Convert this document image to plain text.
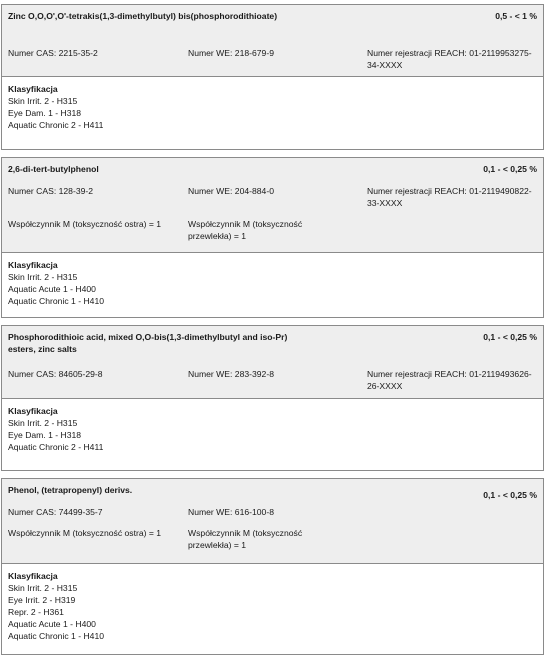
Zinc O,O,O',O'-tetrakis(1,3-dimethylbutyl) bis(phosphorodithioate)	0,5 - < 1 %
Numer CAS: 2215-35-2	Numer WE: 218-679-9	Numer rejestracji REACH: 01-2119953275-34-XXXX
Klasyfikacja
Skin Irrit. 2 - H315
Eye Dam. 1 - H318
Aquatic Chronic 2 - H411
2,6-di-tert-butylphenol	0,1 - < 0,25 %
Numer CAS: 128-39-2	Numer WE: 204-884-0	Numer rejestracji REACH: 01-2119490822-33-XXXX
Współczynnik M (toksyczność ostra) = 1	Współczynnik M (toksyczność przewlekła) = 1
Klasyfikacja
Skin Irrit. 2 - H315
Aquatic Acute 1 - H400
Aquatic Chronic 1 - H410
Phosphorodithioic acid, mixed O,O-bis(1,3-dimethylbutyl and iso-Pr) esters, zinc salts
0,1 - < 0,25 %
Numer CAS: 84605-29-8	Numer WE: 283-392-8	Numer rejestracji REACH: 01-2119493626-26-XXXX
Klasyfikacja
Skin Irrit. 2 - H315
Eye Dam. 1 - H318
Aquatic Chronic 2 - H411
Phenol, (tetrapropenyl) derivs.	0,1 - < 0,25 %
Numer CAS: 74499-35-7	Numer WE: 616-100-8
Współczynnik M (toksyczność ostra) = 1	Współczynnik M (toksyczność przewlekła) = 1
Klasyfikacja
Skin Irrit. 2 - H315
Eye Irrit. 2 - H319
Repr. 2 - H361
Aquatic Acute 1 - H400
Aquatic Chronic 1 - H410
